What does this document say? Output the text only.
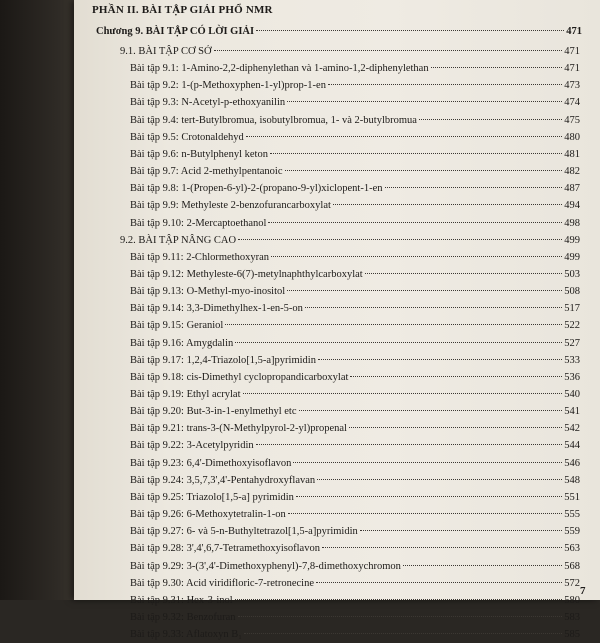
PHẦN II. BÀI TẬP GIẢI PHỔ NMR
Chương 9. BÀI TẬP CÓ LỜI GIẢI	471
9.1. BÀI TẬP CƠ SỞ	471
Bài tập 9.1: 1-Amino-2,2-diphenylethan và 1-amino-1,2-diphenylethan	471
Bài tập 9.2: 1-(p-Methoxyphen-1-yl)prop-1-en	473
Bài tập 9.3: N-Acetyl-p-ethoxyanilin	474
Bài tập 9.4: tert-Butylbromua, isobutylbromua, 1- và 2-butylbromua	475
Bài tập 9.5: Crotonaldehyd	480
Bài tập 9.6: n-Butylphenyl keton	481
Bài tập 9.7: Acid 2-methylpentanoic	482
Bài tập 9.8: 1-(Propen-6-yl)-2-(propano-9-yl)xiclopent-1-en	487
Bài tập 9.9: Methyleste 2-benzofurancarboxylat	494
Bài tập 9.10: 2-Mercaptoethanol	498
9.2. BÀI TẬP NÂNG CAO	499
Bài tập 9.11: 2-Chlormethoxyran	499
Bài tập 9.12: Methyleste-6(7)-metylnaphthylcarboxylat	503
Bài tập 9.13: O-Methyl-myo-inositol	508
Bài tập 9.14: 3,3-Dimethylhex-1-en-5-on	517
Bài tập 9.15: Geraniol	522
Bài tập 9.16: Amygdalin	527
Bài tập 9.17: 1,2,4-Triazolo[1,5-a]pyrimidin	533
Bài tập 9.18: cis-Dimethyl cyclopropandicarboxylat	536
Bài tập 9.19: Ethyl acrylat	540
Bài tập 9.20: But-3-in-1-enylmethyl etc	541
Bài tập 9.21: trans-3-(N-Methylpyrol-2-yl)propenal	542
Bài tập 9.22: 3-Acetylpyridin	544
Bài tập 9.23: 6,4'-Dimethoxyisoflavon	546
Bài tập 9.24: 3,5,7,3',4'-Pentahydroxyflavan	548
Bài tập 9.25: Triazolo[1,5-a] pyrimidin	551
Bài tập 9.26: 6-Methoxytetralin-1-on	555
Bài tập 9.27: 6- và 5-n-Buthyltetrazol[1,5-a]pyrimidin	559
Bài tập 9.28: 3',4',6,7-Tetramethoxyisoflavon	563
Bài tập 9.29: 3-(3',4'-Dimethoxyphenyl)-7,8-dimethoxychromon	568
Bài tập 9.30: Acid viridifloric-7-retronecine	572
Bài tập 9.31: Hex-3-inol	580
Bài tập 9.32: Benzofuran	583
Bài tập 9.33: Aflatoxyn B₁	585
7
